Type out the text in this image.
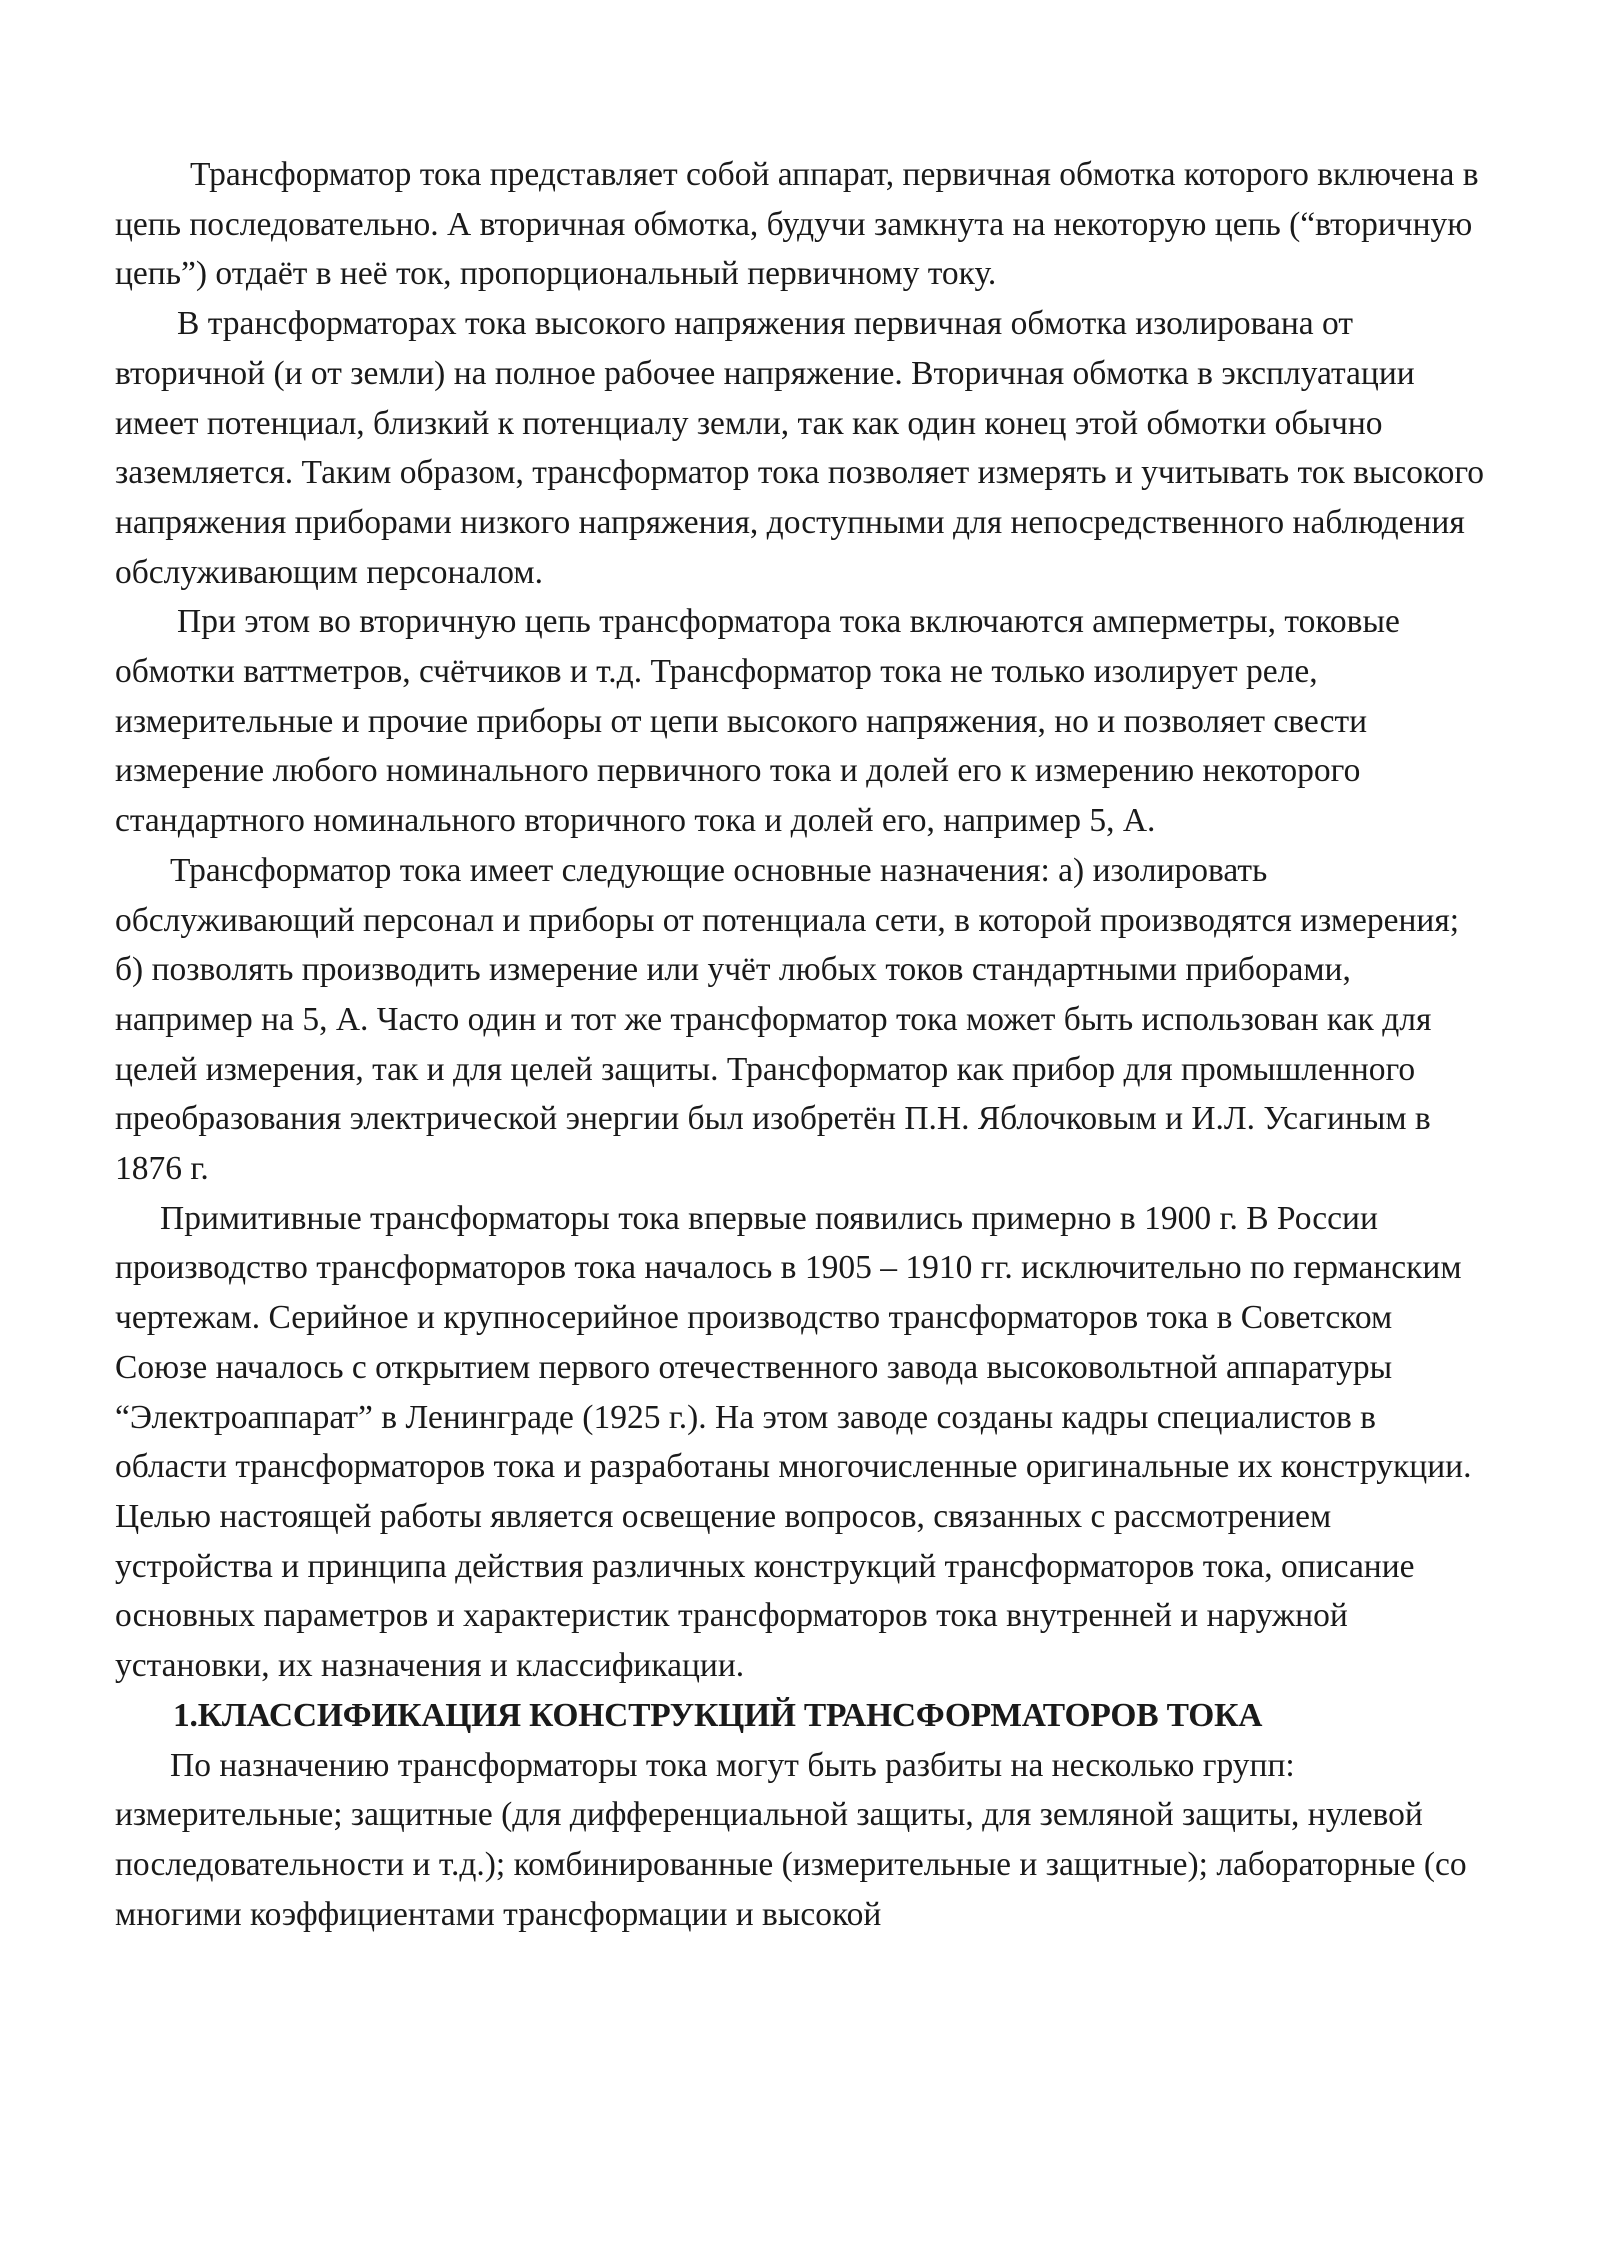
Трансформатор тока представляет собой аппарат, первичная обмотка которого включена в цепь последовательно. А вторичная обмотка, будучи замкнута на некоторую цепь (“вторичную цепь”) отдаёт в неё ток, пропорциональный первичному току.

В трансформаторах тока высокого напряжения первичная обмотка изолирована от вторичной (и от земли) на полное рабочее напряжение. Вторичная обмотка в эксплуатации имеет потенциал, близкий к потенциалу земли, так как один конец этой обмотки обычно заземляется. Таким образом, трансформатор тока позволяет измерять и учитывать ток высокого напряжения приборами низкого напряжения, доступными для непосредственного наблюдения обслуживающим персоналом.

При этом во вторичную цепь трансформатора тока включаются амперметры, токовые обмотки ваттметров, счётчиков и т.д. Трансформатор тока не только изолирует реле, измерительные и прочие приборы от цепи высокого напряжения, но и позволяет свести измерение любого номинального первичного тока и долей его к измерению некоторого стандартного номинального вторичного тока и долей его, например 5, А.

Трансформатор тока имеет следующие основные назначения: а) изолировать обслуживающий персонал и приборы от потенциала сети, в которой производятся измерения; б) позволять производить измерение или учёт любых токов стандартными приборами, например на 5, А. Часто один и тот же трансформатор тока может быть использован как для целей измерения, так и для целей защиты. Трансформатор как прибор для промышленного преобразования электрической энергии был изобретён П.Н. Яблочковым и И.Л. Усагиным в 1876 г.

Примитивные трансформаторы тока впервые появились примерно в 1900 г. В России производство трансформаторов тока началось в 1905 – 1910 гг. исключительно по германским чертежам. Серийное и крупносерийное производство трансформаторов тока в Советском Союзе началось с открытием первого отечественного завода высоковольтной аппаратуры “Электроаппарат” в Ленинграде (1925 г.). На этом заводе созданы кадры специалистов в области трансформаторов тока и разработаны многочисленные оригинальные их конструкции. Целью настоящей работы является освещение вопросов, связанных с рассмотрением устройства и принципа действия различных конструкций трансформаторов тока, описание основных параметров и характеристик трансформаторов тока внутренней и наружной установки, их назначения и классификации.

1.КЛАССИФИКАЦИЯ КОНСТРУКЦИЙ ТРАНСФОРМАТОРОВ ТОКА

По назначению трансформаторы тока могут быть разбиты на несколько групп: измерительные; защитные (для дифференциальной защиты, для земляной защиты, нулевой последовательности и т.д.); комбинированные (измерительные и защитные); лабораторные (со многими коэффициентами трансформации и высокой
